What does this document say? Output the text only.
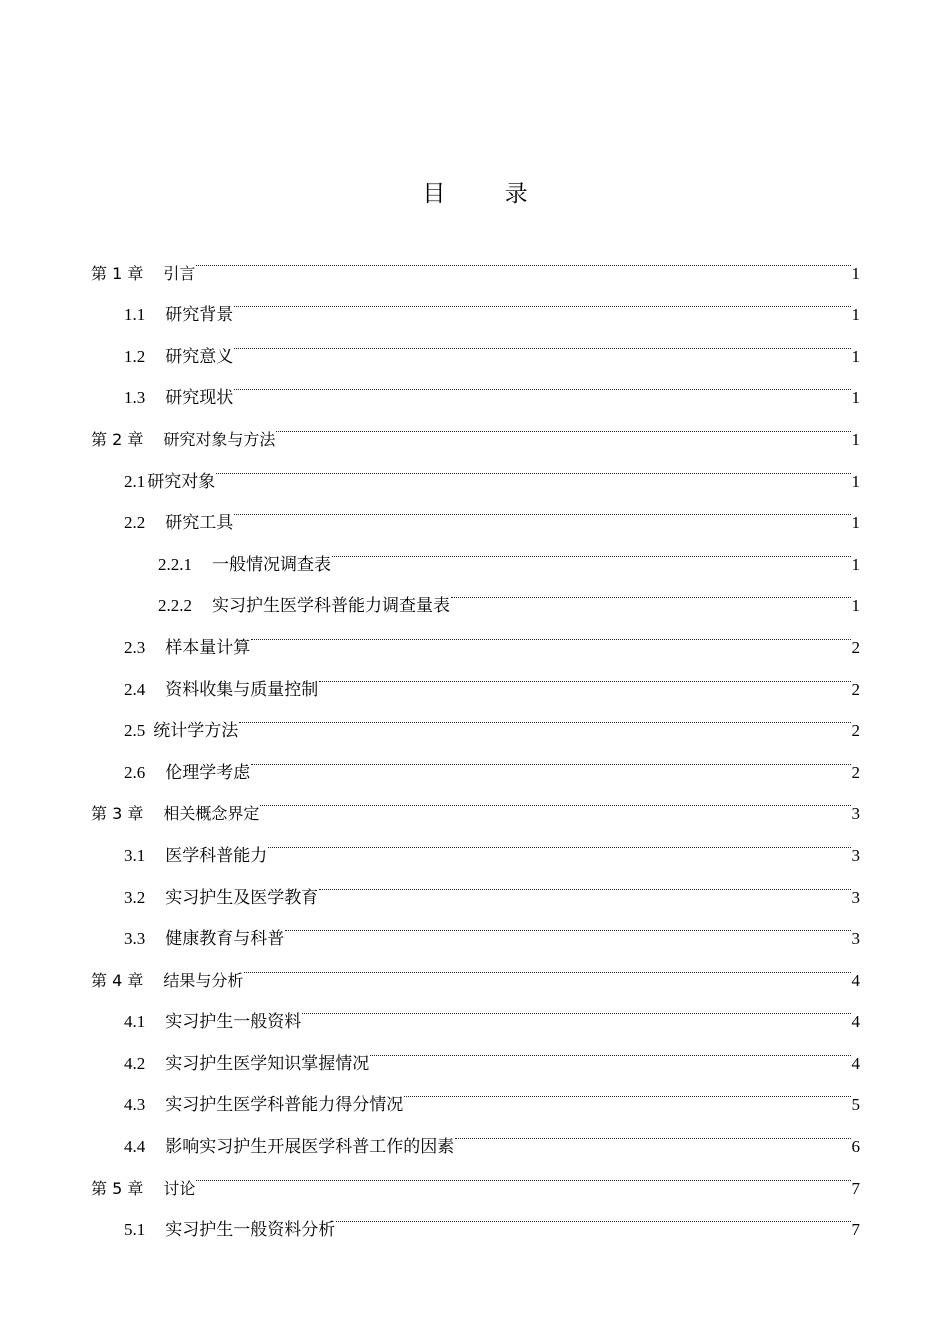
目 录
第 1 章	引言	1
1.1	研究背景	1
1.2	研究意义	1
1.3	研究现状	1
第 2 章	研究对象与方法	1
2.1 研究对象	1
2.2	研究工具	1
2.2.1	一般情况调查表	1
2.2.2	实习护生医学科普能力调查量表	1
2.3	样本量计算	2
2.4	资料收集与质量控制	2
2.5 统计学方法	2
2.6	伦理学考虑	2
第 3 章	相关概念界定	3
3.1	医学科普能力	3
3.2	实习护生及医学教育	3
3.3	健康教育与科普	3
第 4 章	结果与分析	4
4.1	实习护生一般资料	4
4.2	实习护生医学知识掌握情况	4
4.3	实习护生医学科普能力得分情况	5
4.4	影响实习护生开展医学科普工作的因素	6
第 5 章	讨论	7
5.1	实习护生一般资料分析	7
